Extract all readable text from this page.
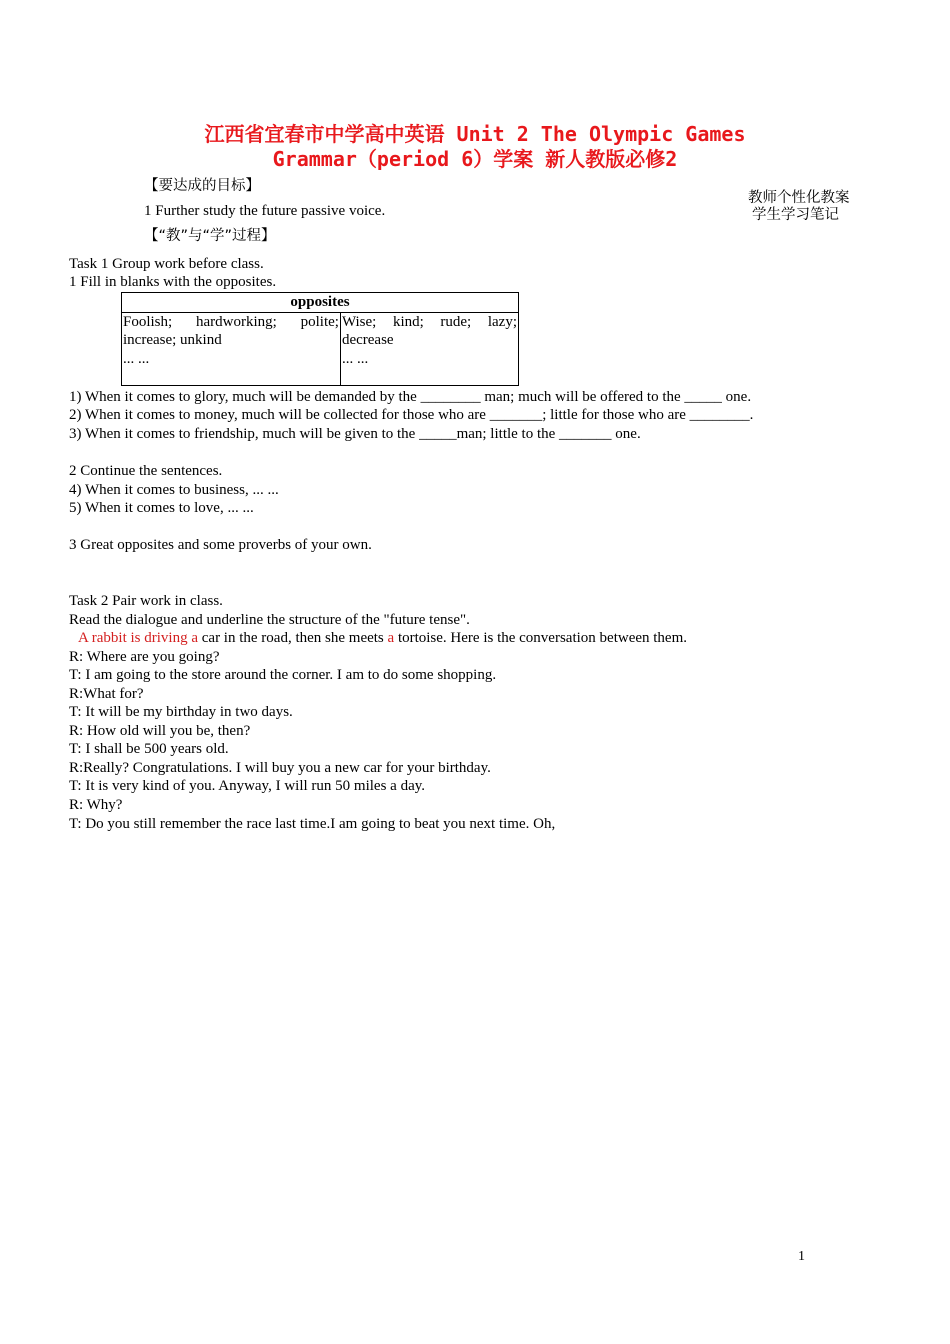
江西省宜春市中学高中英语 Unit 2 The Olympic Games
Grammar（period 6）学案 新人教版必修2
教师个性化教案
学生学习笔记
【要达成的目标】
1 Further study the future passive voice.
【“教”与“学”过程】
Task 1 Group work before class.
1 Fill in blanks with the opposites.
opposites

Foolish; hardworking; polite; increase; unkind
... ...

Wise; kind; rude; lazy; decrease
... ...
1) When it comes to glory, much will be demanded by the ________ man; much will be offered to the _____ one.
2) When it comes to money, much will be collected for those who are _______; little for those who are ________.
3) When it comes to friendship, much will be given to the _____man; little to the _______ one.
2 Continue the sentences.
4) When it comes to business, ... ...
5) When it comes to love, ... ...
3 Great opposites and some proverbs of your own.
Task 2 Pair work in class.
Read the dialogue and underline the structure of the "future tense".
A rabbit is driving a car in the road, then she meets a tortoise. Here is the conversation between them.
R: Where are you going?
T: I am going to the store around the corner. I am to do some shopping.
R:What for?
T: It will be my birthday in two days.
R: How old will you be, then?
T: I shall be 500 years old.
R:Really? Congratulations. I will buy you a new car for your birthday.
T: It is very kind of you. Anyway, I will run 50 miles a day.
R: Why?
T: Do you still remember the race last time.I am going to beat you next time. Oh,
1
